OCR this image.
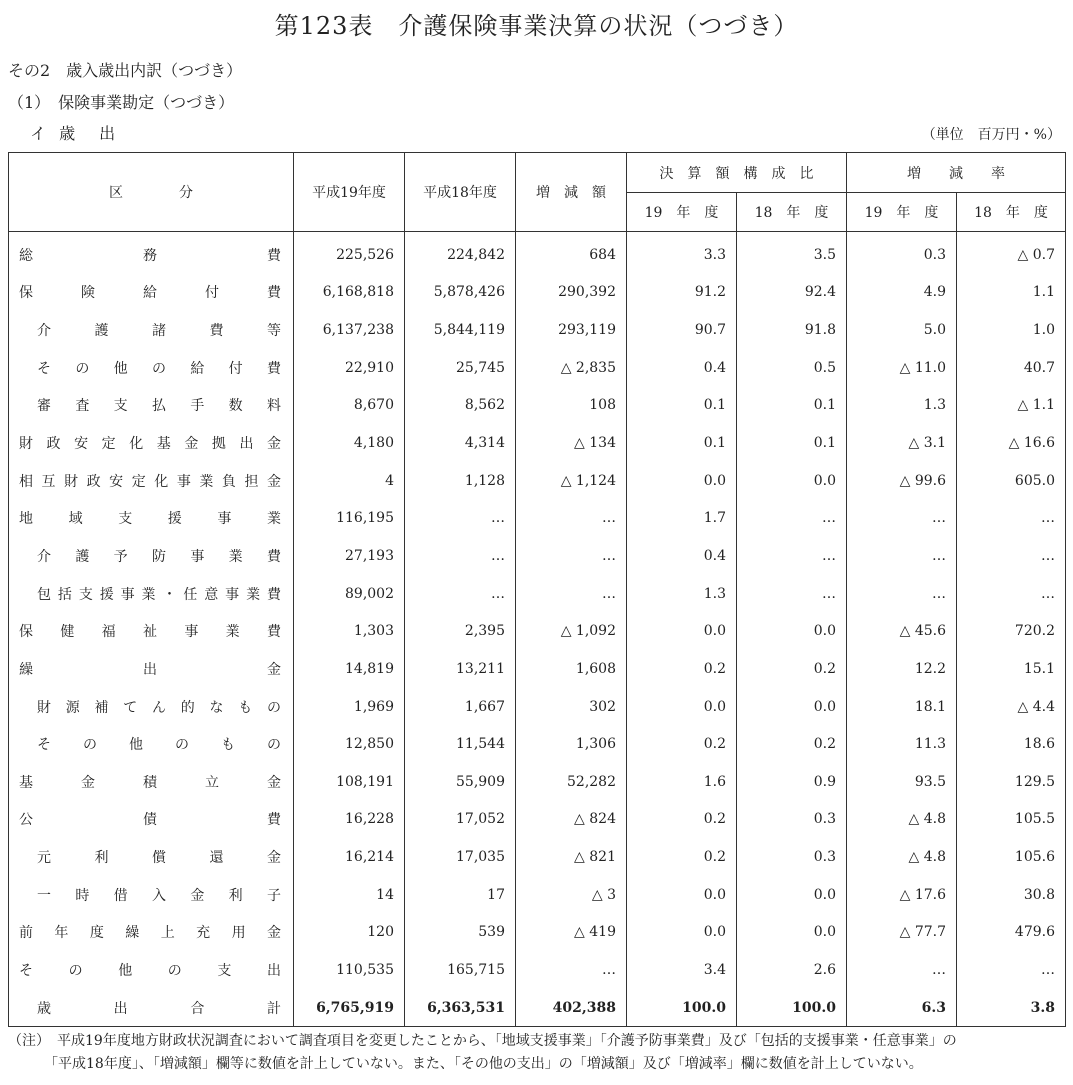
第123表　介護保険事業決算の状況（つづき）
その2　歳入歳出内訳（つづき）
（1）　保険事業勘定（つづき）
イ 歳　出	（単位　百万円・%）
区　　　　分	平成19年度	平成18年度	増　減　額	決　算　額　構　成　比		増　　減　　率	
				19　年　度	18　年　度	19　年　度	18　年　度
総務費	225,526	224,842	684	3.3	3.5	0.3	△ 0.7
保険給付費	6,168,818	5,878,426	290,392	91.2	92.4	4.9	1.1
介護諸費等	6,137,238	5,844,119	293,119	90.7	91.8	5.0	1.0
その他の給付費	22,910	25,745	△ 2,835	0.4	0.5	△ 11.0	40.7
審査支払手数料	8,670	8,562	108	0.1	0.1	1.3	△ 1.1
財政安定化基金拠出金	4,180	4,314	△ 134	0.1	0.1	△ 3.1	△ 16.6
相互財政安定化事業負担金	4	1,128	△ 1,124	0.0	0.0	△ 99.6	605.0
地域支援事業	116,195	…	…	1.7	…	…	…
介護予防事業費	27,193	…	…	0.4	…	…	…
包括支援事業・任意事業費	89,002	…	…	1.3	…	…	…
保健福祉事業費	1,303	2,395	△ 1,092	0.0	0.0	△ 45.6	720.2
繰出金	14,819	13,211	1,608	0.2	0.2	12.2	15.1
財源補てん的なもの	1,969	1,667	302	0.0	0.0	18.1	△ 4.4
その他のもの	12,850	11,544	1,306	0.2	0.2	11.3	18.6
基金積立金	108,191	55,909	52,282	1.6	0.9	93.5	129.5
公債費	16,228	17,052	△ 824	0.2	0.3	△ 4.8	105.5
元利償還金	16,214	17,035	△ 821	0.2	0.3	△ 4.8	105.6
一時借入金利子	14	17	△ 3	0.0	0.0	△ 17.6	30.8
前年度繰上充用金	120	539	△ 419	0.0	0.0	△ 77.7	479.6
その他の支出	110,535	165,715	…	3.4	2.6	…	…
歳出合計	6,765,919	6,363,531	402,388	100.0	100.0	6.3	3.8
（注）　平成19年度地方財政状況調査において調査項目を変更したことから、「地域支援事業」「介護予防事業費」及び「包括的支援事業・任意事業」の
「平成18年度」、「増減額」欄等に数値を計上していない。また、「その他の支出」の「増減額」及び「増減率」欄に数値を計上していない。
